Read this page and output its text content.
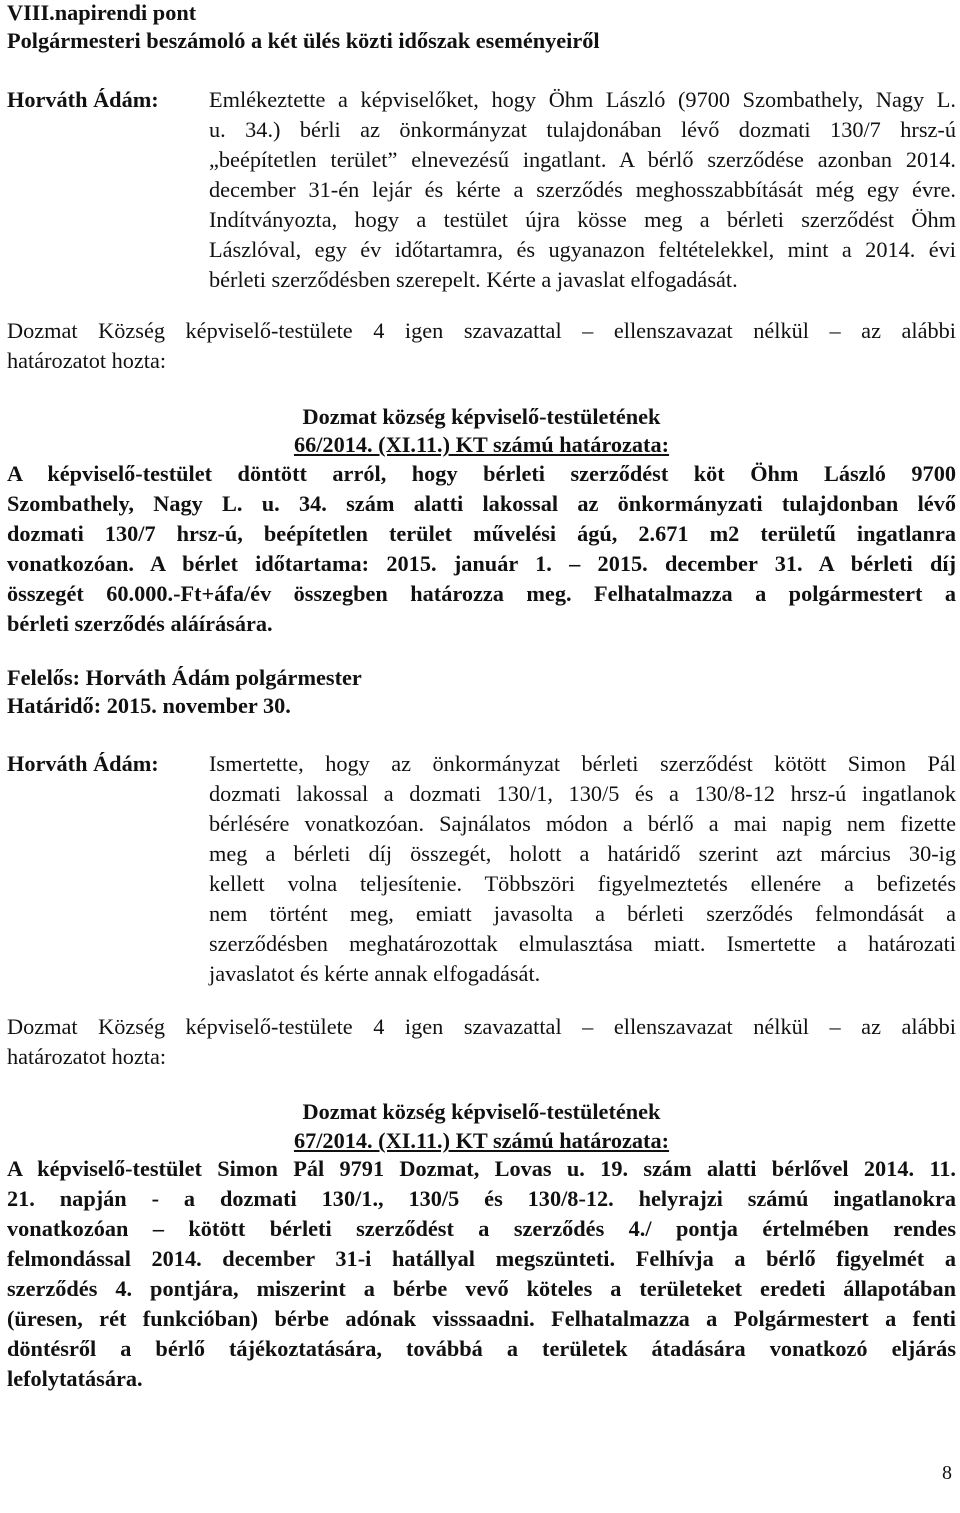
VIII.napirendi pont
Polgármesteri beszámoló a két ülés közti időszak eseményeiről
Horváth Ádám:	Emlékeztette a képviselőket, hogy Öhm László (9700 Szombathely, Nagy L.
u. 34.) bérli az önkormányzat tulajdonában lévő dozmati 130/7 hrsz-ú
„beépítetlen terület” elnevezésű ingatlant. A bérlő szerződése azonban 2014.
december 31-én lejár és kérte a szerződés meghosszabbítását még egy évre.
Indítványozta, hogy a testület újra kösse meg a bérleti szerződést Öhm
Lászlóval, egy év időtartamra, és ugyanazon feltételekkel, mint a 2014. évi
bérleti szerződésben szerepelt. Kérte a javaslat elfogadását.
Dozmat Község képviselő-testülete 4 igen szavazattal – ellenszavazat nélkül – az alábbi
határozatot hozta:
Dozmat község képviselő-testületének
66/2014. (XI.11.) KT számú határozata:
A képviselő-testület döntött arról, hogy bérleti szerződést köt Öhm László 9700
Szombathely, Nagy L. u. 34. szám alatti lakossal az önkormányzati tulajdonban lévő
dozmati 130/7 hrsz-ú, beépítetlen terület művelési ágú, 2.671 m2 területű ingatlanra
vonatkozóan. A bérlet időtartama: 2015. január 1. – 2015. december 31. A bérleti díj
összegét 60.000.-Ft+áfa/év összegben határozza meg. Felhatalmazza a polgármestert a
bérleti szerződés aláírására.
Felelős: Horváth Ádám polgármester
Határidő: 2015. november 30.
Horváth Ádám:	Ismertette, hogy az önkormányzat bérleti szerződést kötött Simon Pál
dozmati lakossal a dozmati 130/1, 130/5 és a 130/8-12 hrsz-ú ingatlanok
bérlésére vonatkozóan. Sajnálatos módon a bérlő a mai napig nem fizette
meg a bérleti díj összegét, holott a határidő szerint azt március 30-ig
kellett volna teljesítenie. Többszöri figyelmeztetés ellenére a befizetés
nem történt meg, emiatt javasolta a bérleti szerződés felmondását a
szerződésben meghatározottak elmulasztása miatt. Ismertette a határozati
javaslatot és kérte annak elfogadását.
Dozmat Község képviselő-testülete 4 igen szavazattal – ellenszavazat nélkül – az alábbi
határozatot hozta:
Dozmat község képviselő-testületének
67/2014. (XI.11.) KT számú határozata:
A képviselő-testület Simon Pál 9791 Dozmat, Lovas u. 19. szám alatti bérlővel 2014. 11.
21. napján - a dozmati 130/1., 130/5 és 130/8-12. helyrajzi számú ingatlanokra
vonatkozóan – kötött bérleti szerződést a szerződés 4./ pontja értelmében rendes
felmondással 2014. december 31-i hatállyal megszünteti. Felhívja a bérlő figyelmét a
szerződés 4. pontjára, miszerint a bérbe vevő köteles a területeket eredeti állapotában
(üresen, rét funkcióban) bérbe adónak visssaadni. Felhatalmazza a Polgármestert a fenti
döntésről a bérlő tájékoztatására, továbbá a területek átadására vonatkozó eljárás
lefolytatására.
8
